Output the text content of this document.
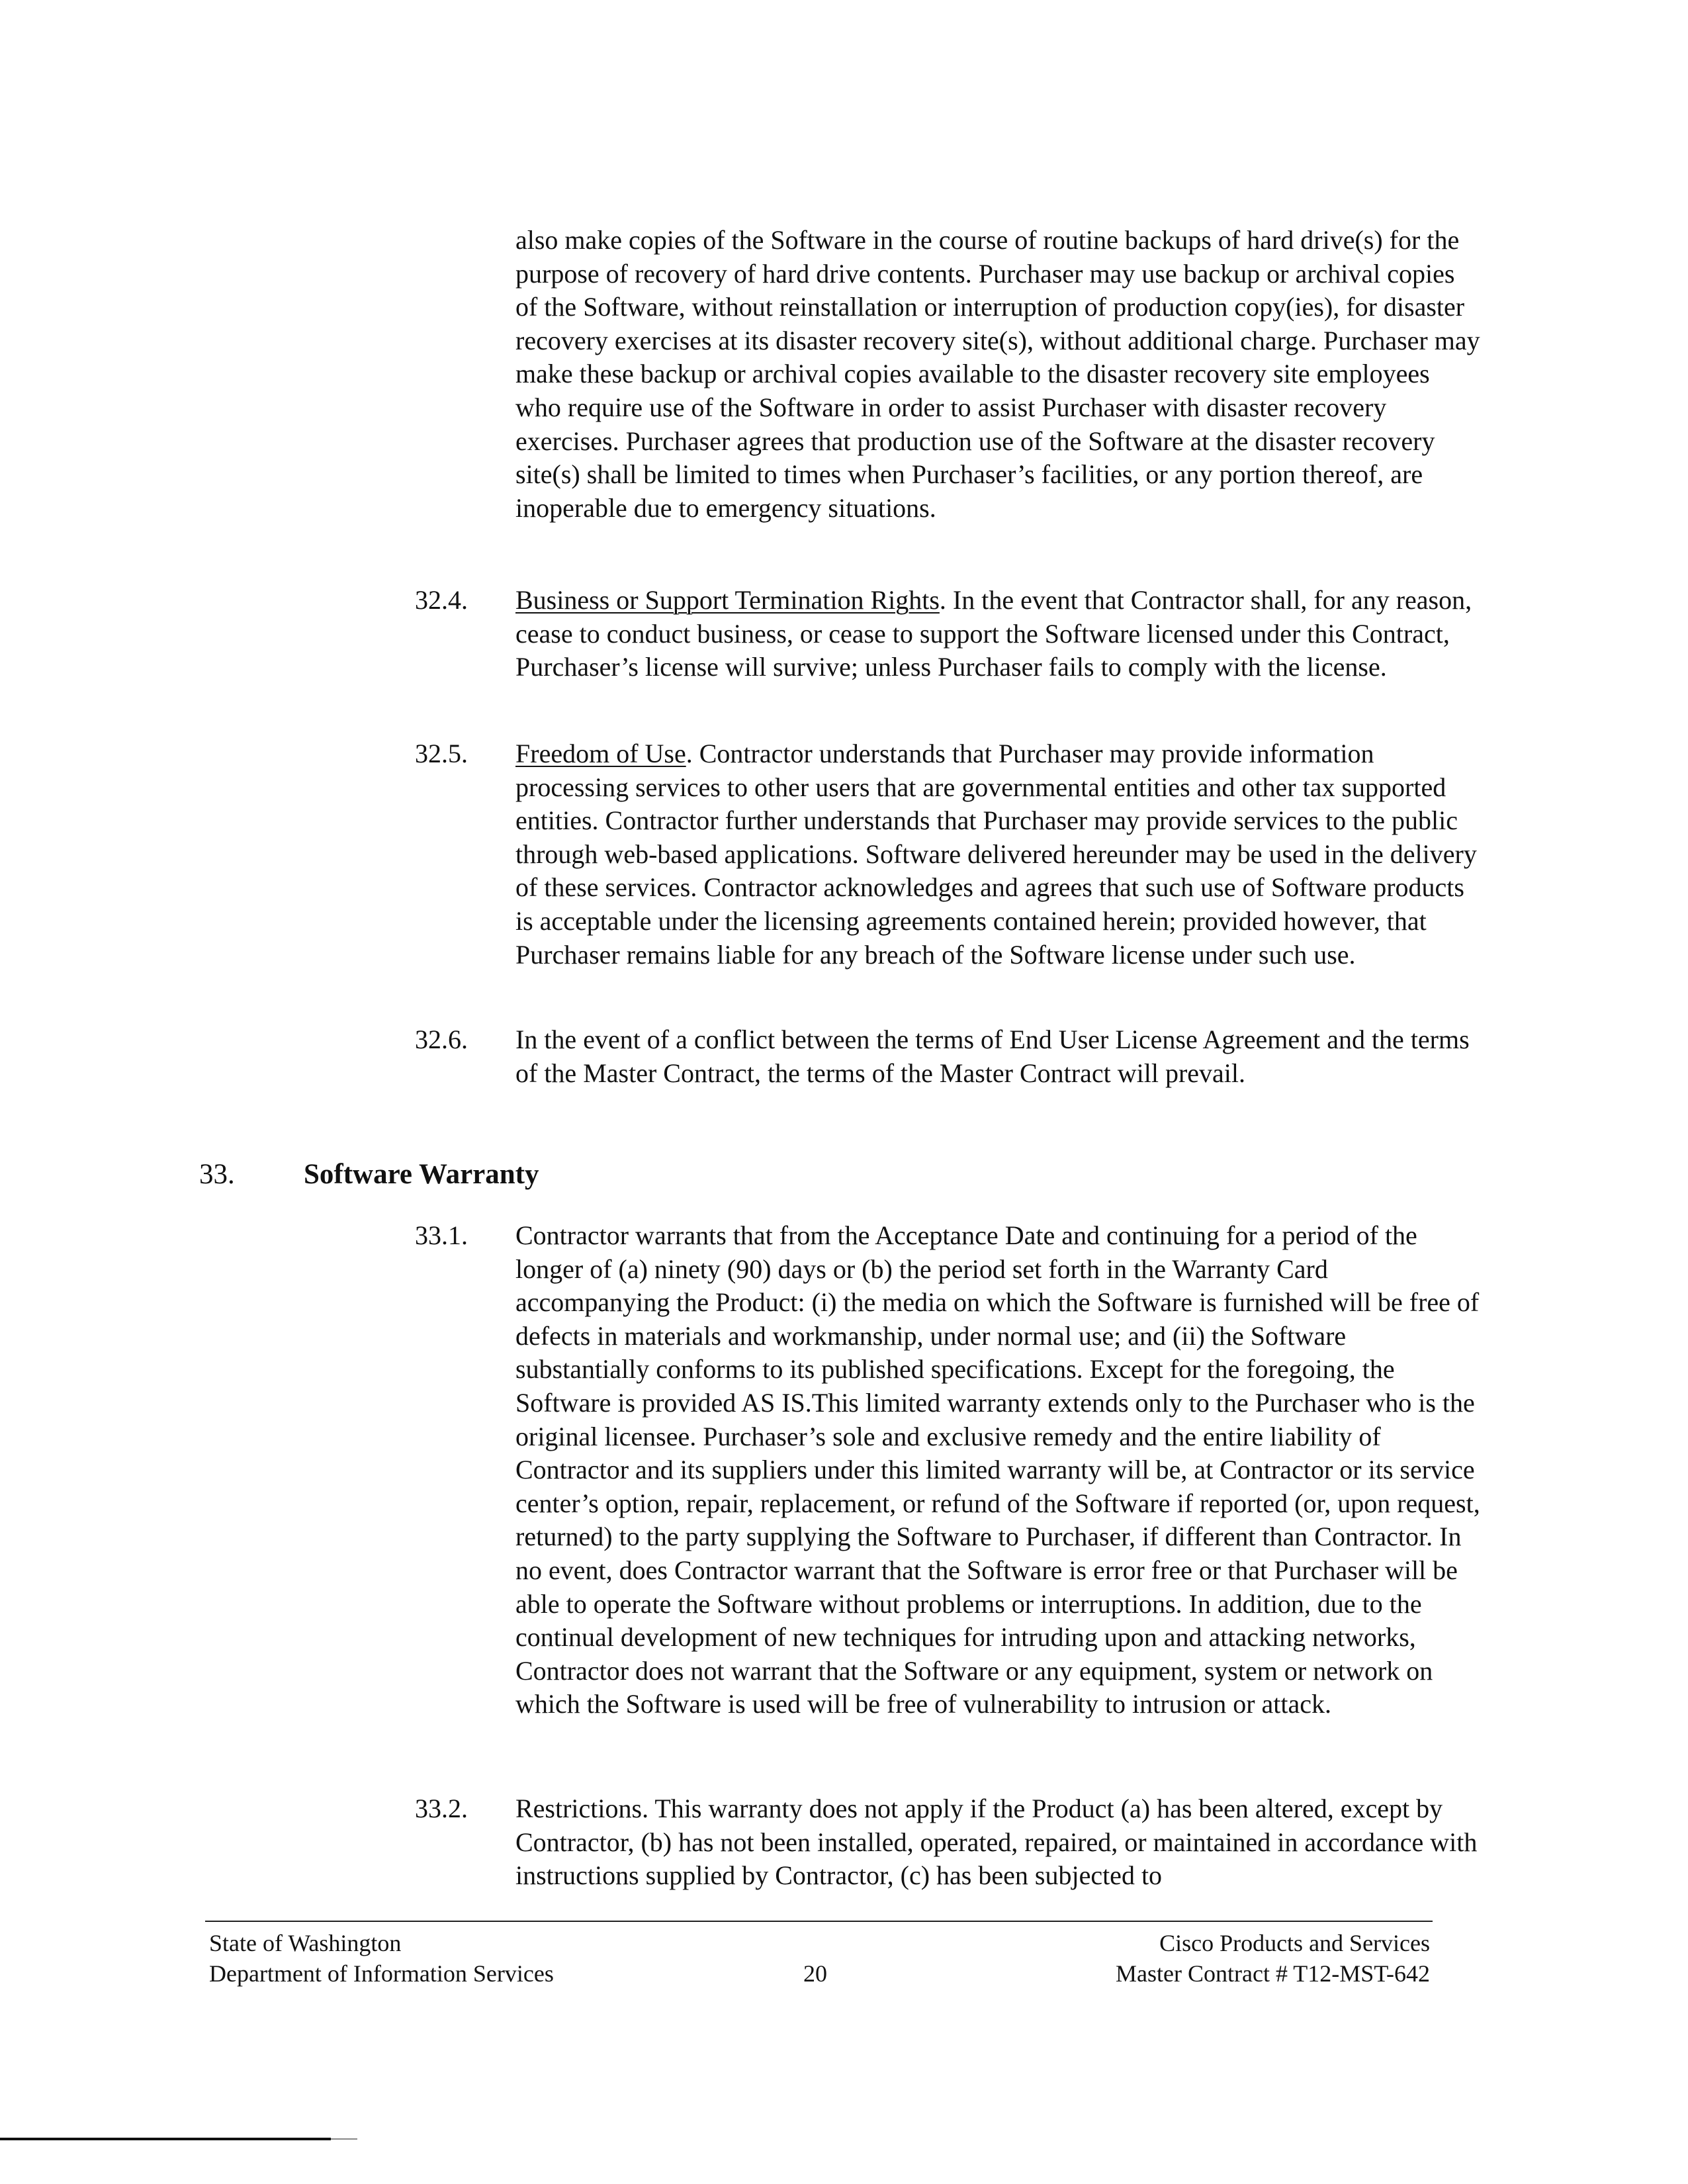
also make copies of the Software in the course of routine backups of hard drive(s) for the purpose of recovery of hard drive contents. Purchaser may use backup or archival copies of the Software, without reinstallation or interruption of production copy(ies), for disaster recovery exercises at its disaster recovery site(s), without additional charge. Purchaser may make these backup or archival copies available to the disaster recovery site employees who require use of the Software in order to assist Purchaser with disaster recovery exercises. Purchaser agrees that production use of the Software at the disaster recovery site(s) shall be limited to times when Purchaser’s facilities, or any portion thereof, are inoperable due to emergency situations.

32.4. Business or Support Termination Rights. In the event that Contractor shall, for any reason, cease to conduct business, or cease to support the Software licensed under this Contract, Purchaser’s license will survive; unless Purchaser fails to comply with the license.

32.5. Freedom of Use. Contractor understands that Purchaser may provide information processing services to other users that are governmental entities and other tax supported entities. Contractor further understands that Purchaser may provide services to the public through web-based applications. Software delivered hereunder may be used in the delivery of these services. Contractor acknowledges and agrees that such use of Software products is acceptable under the licensing agreements contained herein; provided however, that Purchaser remains liable for any breach of the Software license under such use.

32.6. In the event of a conflict between the terms of End User License Agreement and the terms of the Master Contract, the terms of the Master Contract will prevail.

33. Software Warranty
33.1. Contractor warrants that from the Acceptance Date and continuing for a period of the longer of (a) ninety (90) days or (b) the period set forth in the Warranty Card accompanying the Product: (i) the media on which the Software is furnished will be free of defects in materials and workmanship, under normal use; and (ii) the Software substantially conforms to its published specifications. Except for the foregoing, the Software is provided AS IS.This limited warranty extends only to the Purchaser who is the original licensee. Purchaser’s sole and exclusive remedy and the entire liability of Contractor and its suppliers under this limited warranty will be, at Contractor or its service center’s option, repair, replacement, or refund of the Software if reported (or, upon request, returned) to the party supplying the Software to Purchaser, if different than Contractor. In no event, does Contractor warrant that the Software is error free or that Purchaser will be able to operate the Software without problems or interruptions. In addition, due to the continual development of new techniques for intruding upon and attacking networks, Contractor does not warrant that the Software or any equipment, system or network on which the Software is used will be free of vulnerability to intrusion or attack.

33.2. Restrictions. This warranty does not apply if the Product (a) has been altered, except by Contractor, (b) has not been installed, operated, repaired, or maintained in accordance with instructions supplied by Contractor, (c) has been subjected to

State of Washington
Department of Information Services	20
Cisco Products and Services
Master Contract # T12-MST-642
